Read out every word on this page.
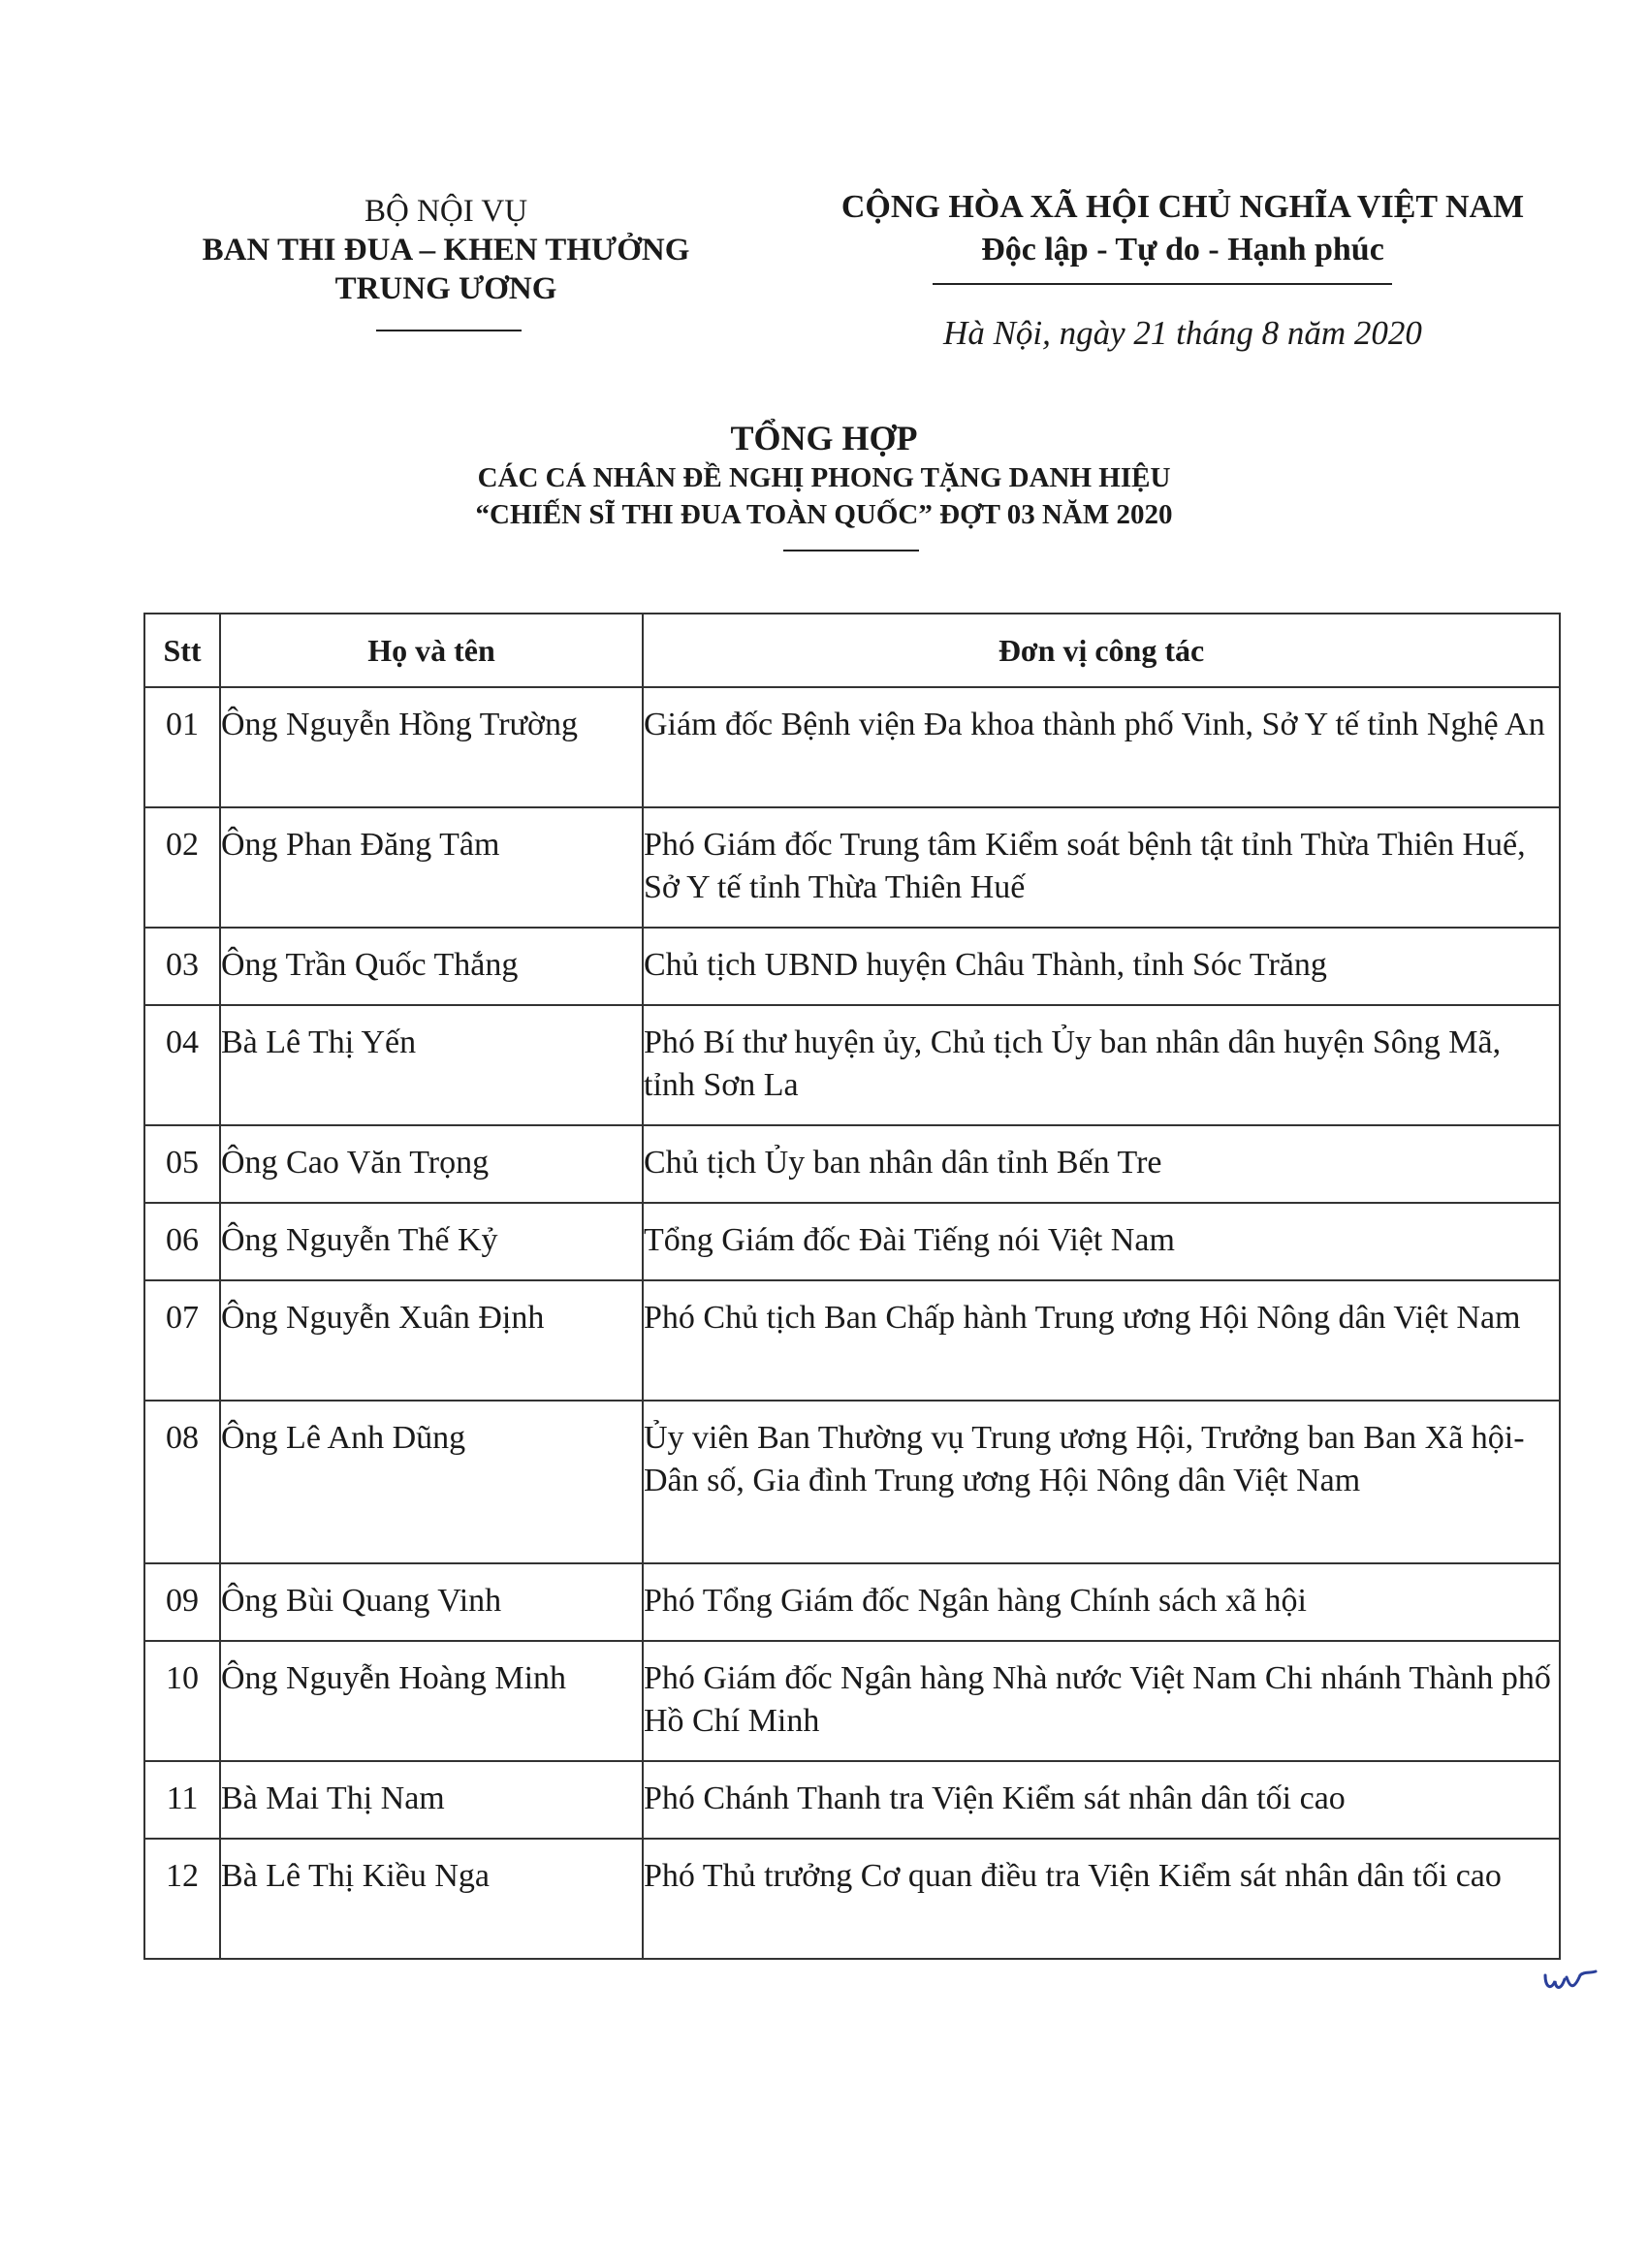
BỘ NỘI VỤ
BAN THI ĐUA – KHEN THƯỞNG
TRUNG ƯƠNG
CỘNG HÒA XÃ HỘI CHỦ NGHĨA VIỆT NAM
Độc lập - Tự do - Hạnh phúc
Hà Nội, ngày 21 tháng 8 năm 2020
TỔNG HỢP
CÁC CÁ NHÂN ĐỀ NGHỊ PHONG TẶNG DANH HIỆU
“CHIẾN SĨ THI ĐUA TOÀN QUỐC” ĐỢT 03 NĂM 2020
Stt	Họ và tên	Đơn vị công tác

01	Ông Nguyễn Hồng Trường	Giám đốc Bệnh viện Đa khoa thành phố Vinh, Sở Y tế tỉnh Nghệ An

02	Ông Phan Đăng Tâm	Phó Giám đốc Trung tâm Kiểm soát bệnh tật tỉnh Thừa Thiên Huế, Sở Y tế tỉnh Thừa Thiên Huế

03	Ông Trần Quốc Thắng	Chủ tịch UBND huyện Châu Thành, tỉnh Sóc Trăng

04	Bà Lê Thị Yến	Phó Bí thư huyện ủy, Chủ tịch Ủy ban nhân dân huyện Sông Mã, tỉnh Sơn La

05	Ông Cao Văn Trọng	Chủ tịch Ủy ban nhân dân tỉnh Bến Tre

06	Ông Nguyễn Thế Kỷ	Tổng Giám đốc Đài Tiếng nói Việt Nam

07	Ông Nguyễn Xuân Định	Phó Chủ tịch Ban Chấp hành Trung ương Hội Nông dân Việt Nam

08	Ông Lê Anh Dũng	Ủy viên Ban Thường vụ Trung ương Hội, Trưởng ban Ban Xã hội- Dân số, Gia đình Trung ương Hội Nông dân Việt Nam

09	Ông Bùi Quang Vinh	Phó Tổng Giám đốc Ngân hàng Chính sách xã hội

10	Ông Nguyễn Hoàng Minh	Phó Giám đốc Ngân hàng Nhà nước Việt Nam Chi nhánh Thành phố Hồ Chí Minh

11	Bà Mai Thị Nam	Phó Chánh Thanh tra Viện Kiểm sát nhân dân tối cao

12	Bà Lê Thị Kiều Nga	Phó Thủ trưởng Cơ quan điều tra Viện Kiểm sát nhân dân tối cao
